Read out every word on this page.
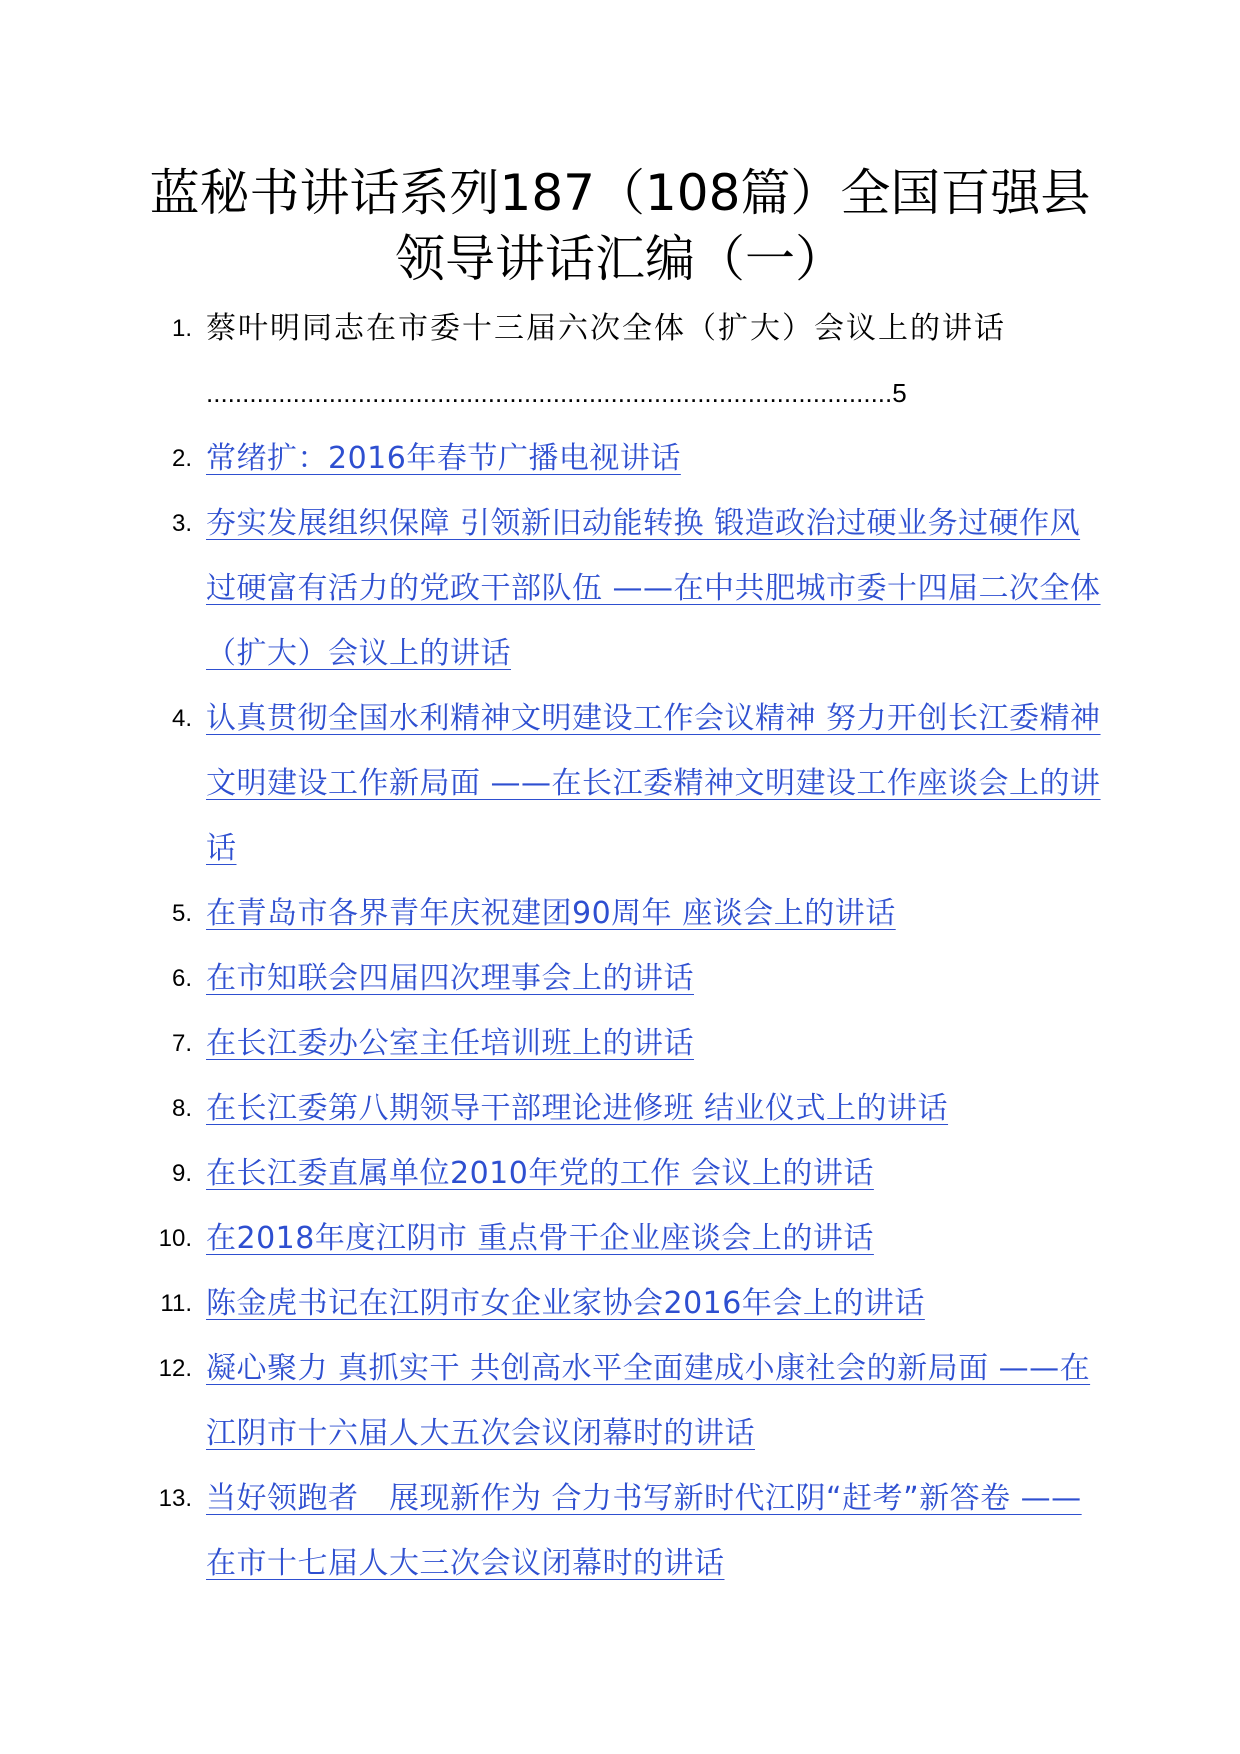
蓝秘书讲话系列187（108篇）全国百强县领导讲话汇编（一）
1. 蔡叶明同志在市委十三届六次全体（扩大）会议上的讲话
...............................................................................................5
2. 常绪扩：2016年春节广播电视讲话
3. 夯实发展组织保障 引领新旧动能转换 锻造政治过硬业务过硬作风过硬富有活力的党政干部队伍 ——在中共肥城市委十四届二次全体（扩大）会议上的讲话
4. 认真贯彻全国水利精神文明建设工作会议精神 努力开创长江委精神文明建设工作新局面 ——在长江委精神文明建设工作座谈会上的讲话
5. 在青岛市各界青年庆祝建团90周年 座谈会上的讲话
6. 在市知联会四届四次理事会上的讲话
7. 在长江委办公室主任培训班上的讲话
8. 在长江委第八期领导干部理论进修班 结业仪式上的讲话
9. 在长江委直属单位2010年党的工作 会议上的讲话
10. 在2018年度江阴市 重点骨干企业座谈会上的讲话
11. 陈金虎书记在江阴市女企业家协会2016年会上的讲话
12. 凝心聚力 真抓实干 共创高水平全面建成小康社会的新局面 ——在江阴市十六届人大五次会议闭幕时的讲话
13. 当好领跑者　展现新作为 合力书写新时代江阴“赶考”新答卷 ——在市十七届人大三次会议闭幕时的讲话
